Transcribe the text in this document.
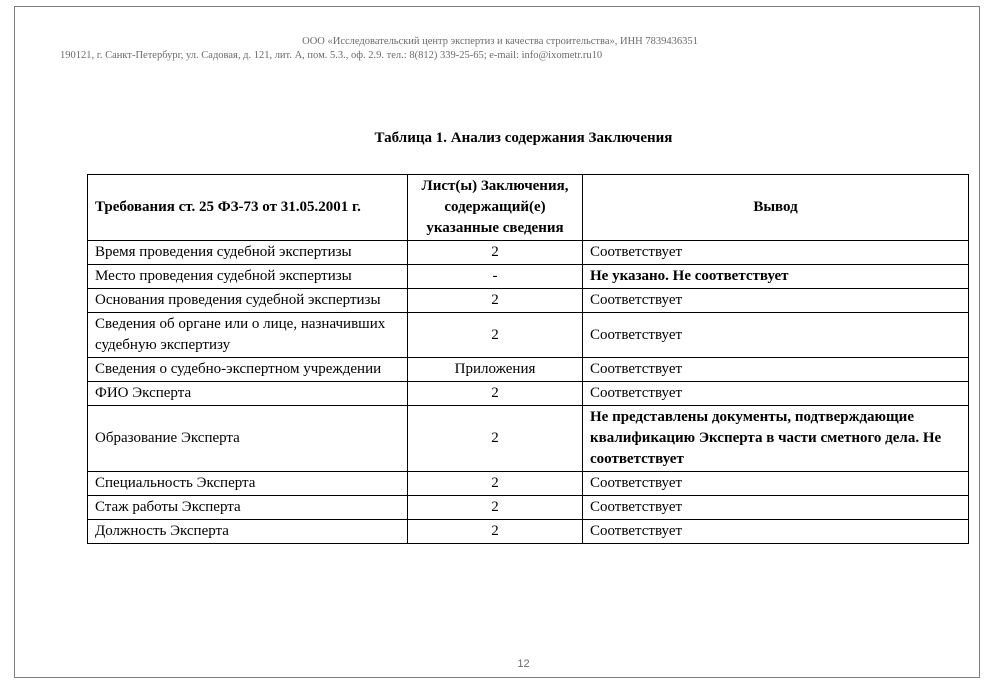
ООО «Исследовательский центр экспертиз и качества строительства», ИНН 7839436351
190121, г. Санкт-Петербург, ул. Садовая, д. 121, лит. А, пом. 5.3., оф. 2.9. тел.: 8(812) 339-25-65; e-mail: info@ixometr.ru10
Таблица 1. Анализ содержания Заключения
Требования ст. 25 ФЗ-73 от 31.05.2001 г.	Лист(ы) Заключения, содержащий(е) указанные сведения	Вывод
Время проведения судебной экспертизы	2	Соответствует
Место проведения судебной экспертизы	-	Не указано. Не соответствует
Основания проведения судебной экспертизы	2	Соответствует
Сведения об органе или о лице, назначивших судебную экспертизу	2	Соответствует
Сведения о судебно-экспертном учреждении	Приложения	Соответствует
ФИО Эксперта	2	Соответствует
Образование Эксперта	2	Не представлены документы, подтверждающие квалификацию Эксперта в части сметного дела. Не соответствует
Специальность Эксперта	2	Соответствует
Стаж работы Эксперта	2	Соответствует
Должность Эксперта	2	Соответствует
12
